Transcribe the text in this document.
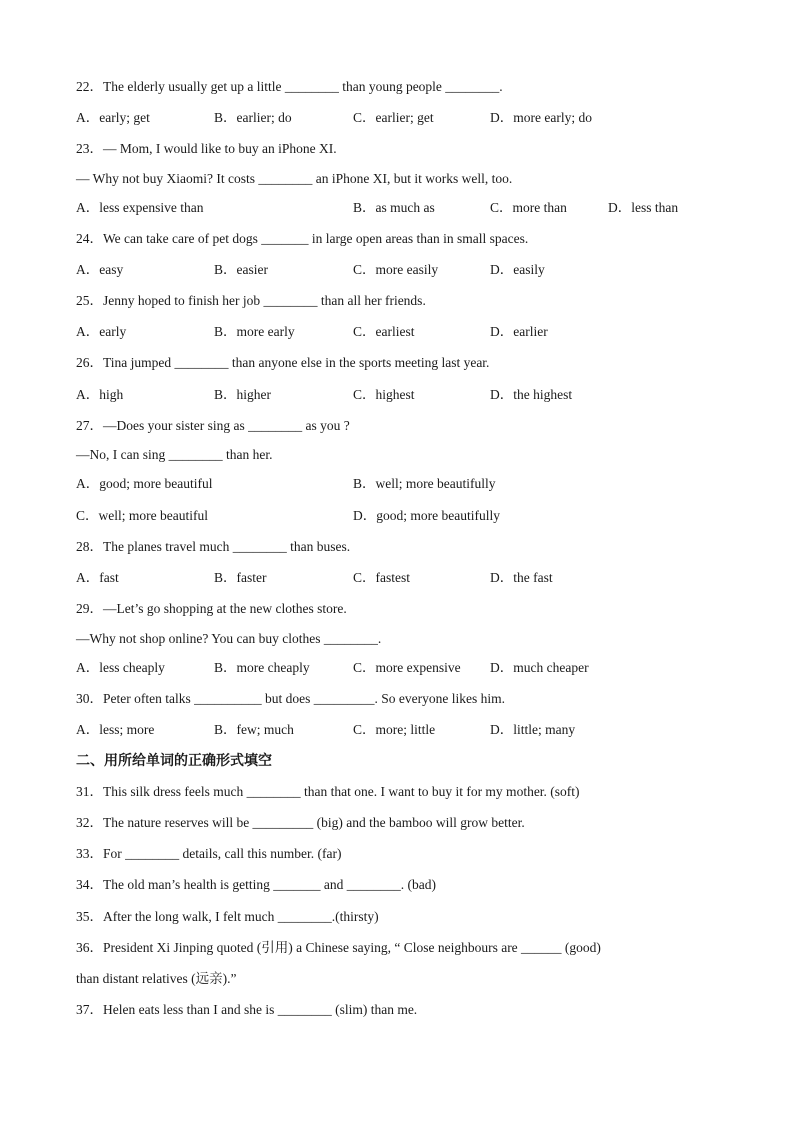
22．The elderly usually get up a little ________ than young people ________.
A．early; get	B．earlier; do	C．earlier; get	D．more early; do
23．— Mom, I would like to buy an iPhone XI.
— Why not buy Xiaomi? It costs ________ an iPhone XI, but it works well, too.
A．less expensive than	B．as much as	C．more than	D．less than
24．We can take care of pet dogs _______ in large open areas than in small spaces.
A．easy	B．easier	C．more easily	D．easily
25．Jenny hoped to finish her job ________ than all her friends.
A．early	B．more early	C．earliest	D．earlier
26．Tina jumped ________ than anyone else in the sports meeting last year.
A．high	B．higher	C．highest	D．the highest
27．—Does your sister sing as ________ as you ?
—No, I can sing ________ than her.
A．good; more beautiful	B．well; more beautifully
C．well; more beautiful	D．good; more beautifully
28．The planes travel much ________ than buses.
A．fast	B．faster	C．fastest	D．the fast
29．—Let’s go shopping at the new clothes store.
—Why not shop online? You can buy clothes ________.
A．less cheaply	B．more cheaply	C．more expensive D．much cheaper
30．Peter often talks __________ but does _________. So everyone likes him.
A．less; more	B．few; much	C．more; little	D．little; many
二、用所给单词的正确形式填空
31．This silk dress feels much ________ than that one. I want to buy it for my mother. (soft)
32．The nature reserves will be _________ (big) and the bamboo will grow better.
33．For ________ details, call this number. (far)
34．The old man’s health is getting _______ and ________. (bad)
35．After the long walk, I felt much ________.(thirsty)
36．President Xi Jinping quoted (引用) a Chinese saying, “ Close neighbours are ______ (good)
than distant relatives (远亲).”
37．Helen eats less than I and she is ________ (slim) than me.
